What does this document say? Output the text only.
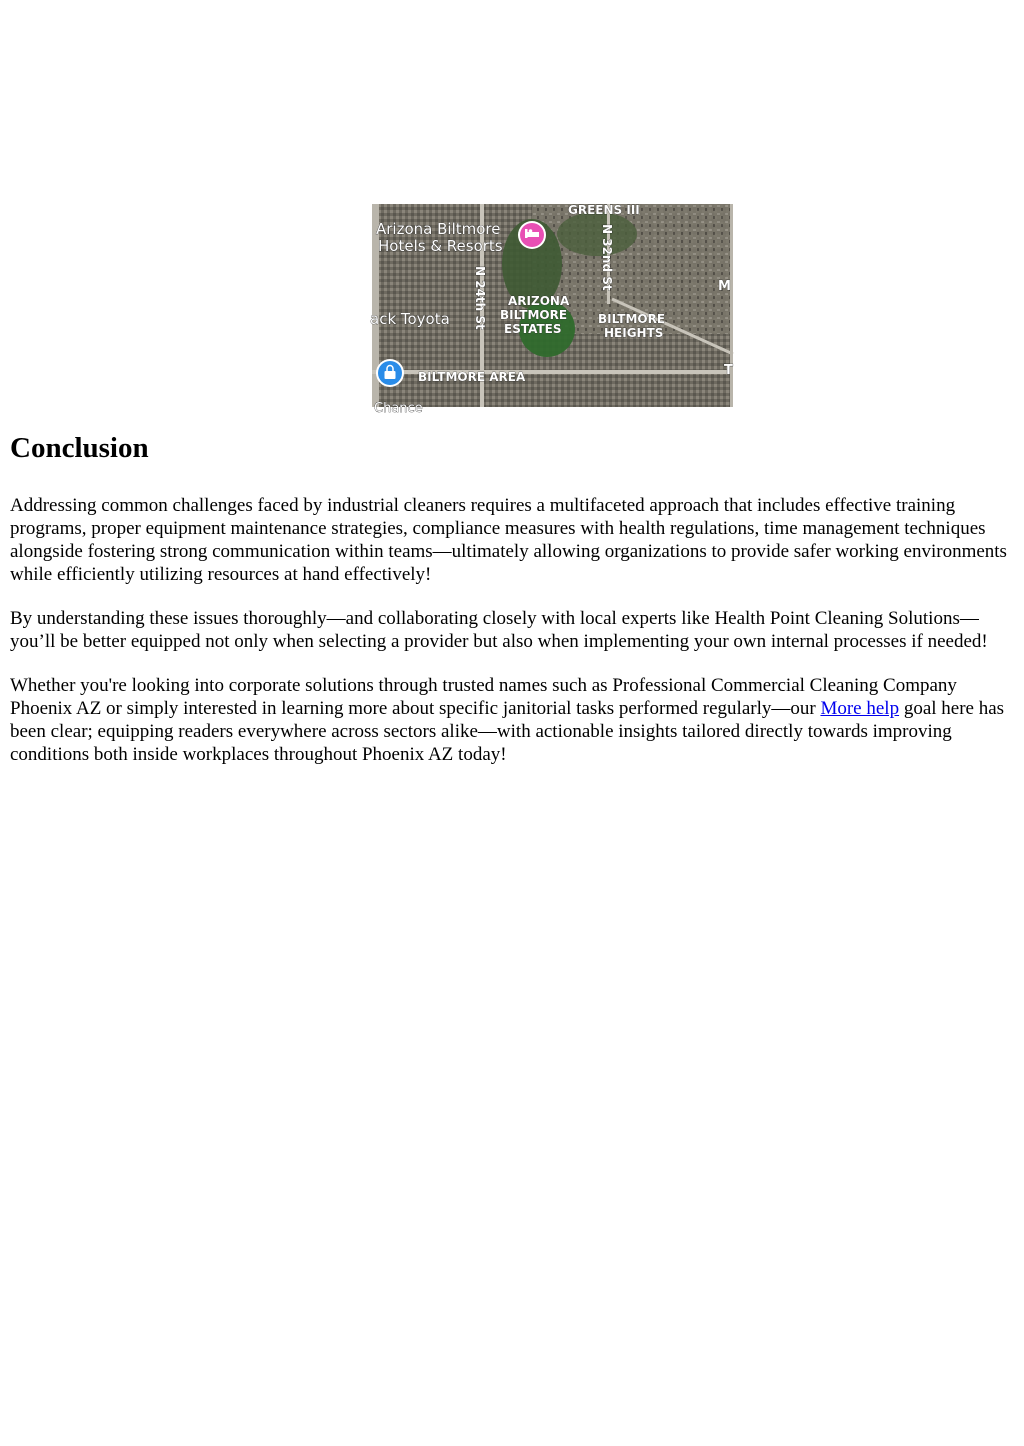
Arizona Biltmore
Hotels & Resorts
GREENS III
N 24th St
N 32nd St
ARIZONA
BILTMORE
ESTATES
BILTMORE
HEIGHTS
ack Toyota
BILTMORE AREA
M
T
Chance
Conclusion

Addressing common challenges faced by industrial cleaners requires a multifaceted approach that includes effective training programs, proper equipment maintenance strategies, compliance measures with health regulations, time management techniques alongside fostering strong communication within teams—ultimately allowing organizations to provide safer working environments while efficiently utilizing resources at hand effectively!

By understanding these issues thoroughly—and collaborating closely with local experts like Health Point Cleaning Solutions—you’ll be better equipped not only when selecting a provider but also when implementing your own internal processes if needed!

Whether you're looking into corporate solutions through trusted names such as Professional Commercial Cleaning Company Phoenix AZ or simply interested in learning more about specific janitorial tasks performed regularly—our More help goal here has been clear; equipping readers everywhere across sectors alike—with actionable insights tailored directly towards improving conditions both inside workplaces throughout Phoenix AZ today!
